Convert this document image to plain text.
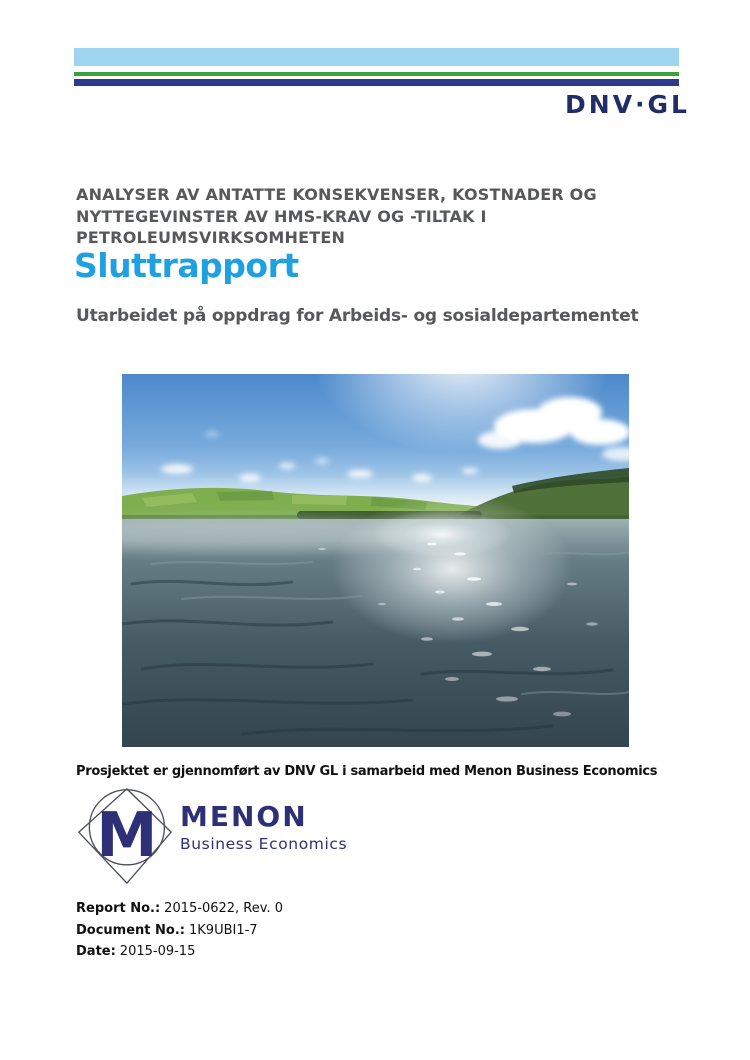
DNV·GL
ANALYSER AV ANTATTE KONSEKVENSER, KOSTNADER OG
NYTTEGEVINSTER AV HMS-KRAV OG -TILTAK I
PETROLEUMSVIRKSOMHETEN
Sluttrapport
Utarbeidet på oppdrag for Arbeids- og sosialdepartementet
Prosjektet er gjennomført av DNV GL i samarbeid med Menon Business Economics
M MENON
Business Economics
Report No.: 2015-0622, Rev. 0
Document No.: 1K9UBI1-7
Date: 2015-09-15
